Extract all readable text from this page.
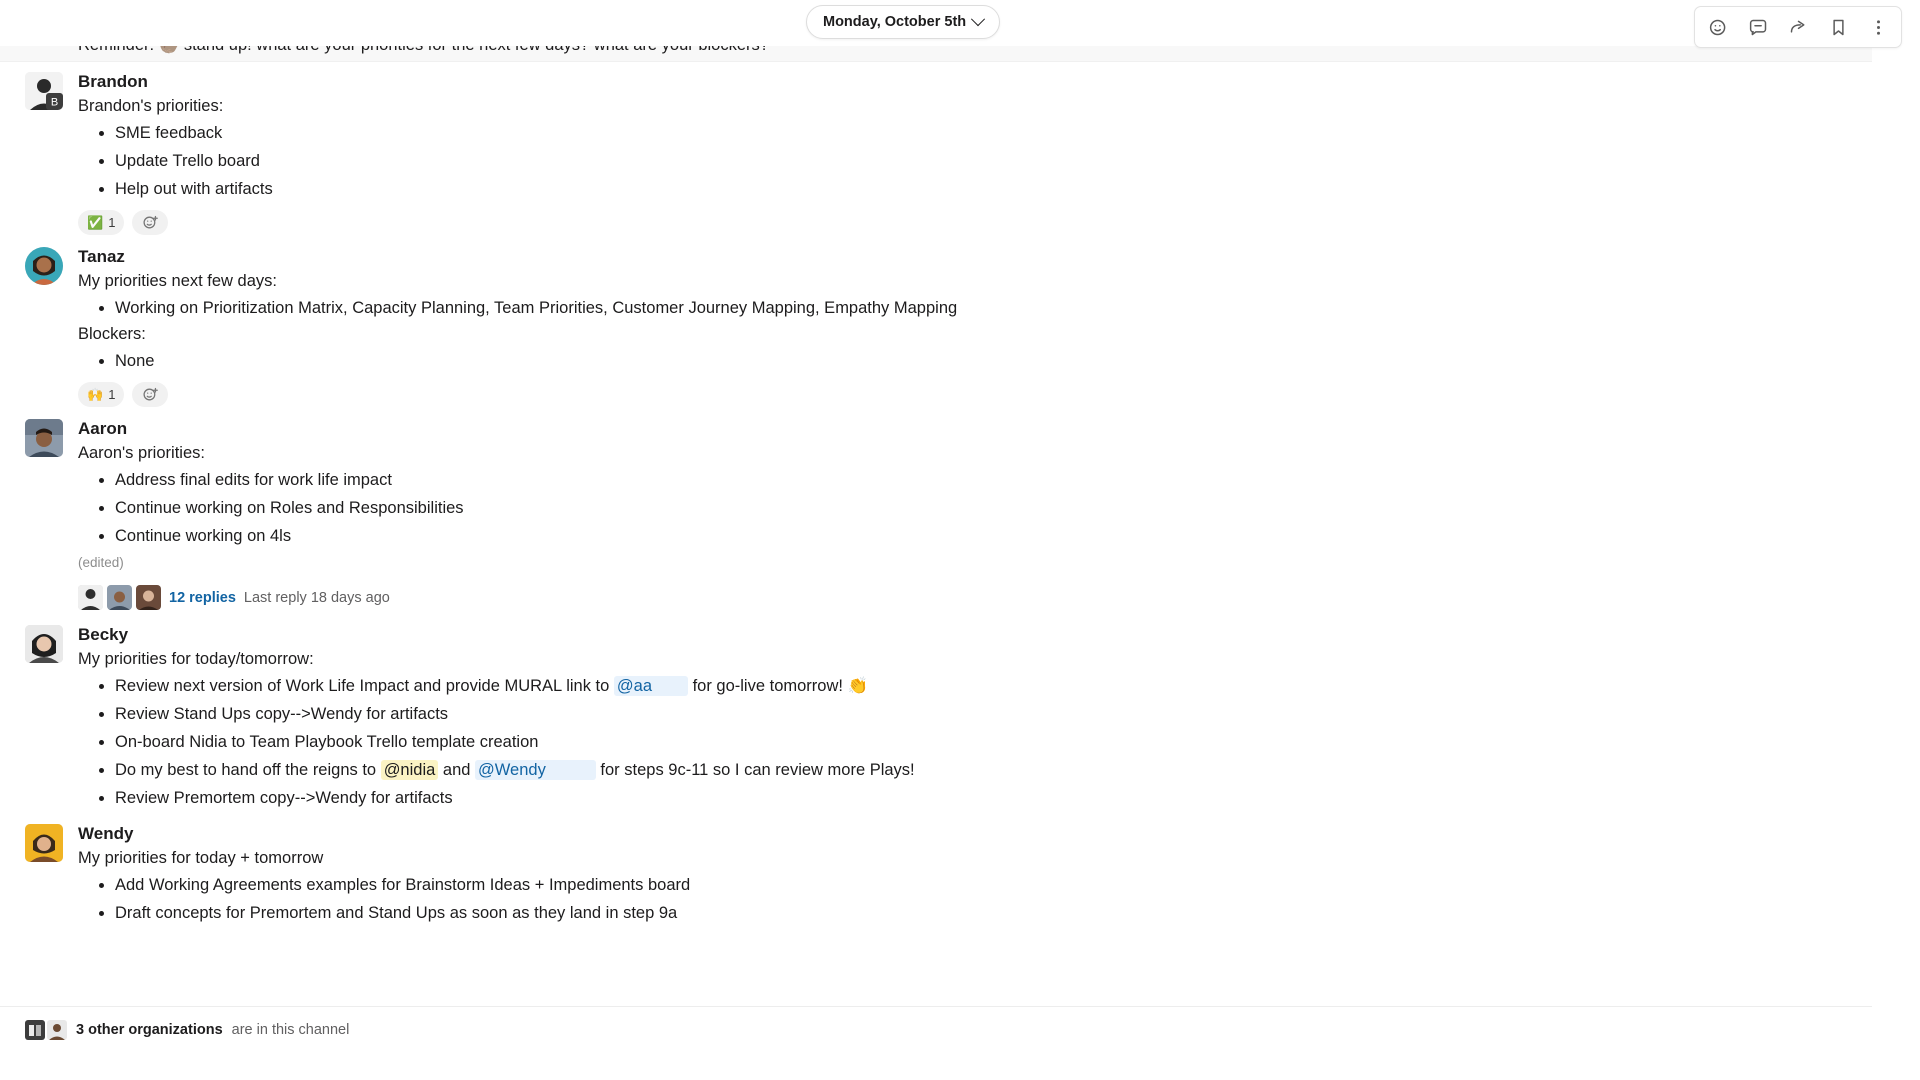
Monday, October 5th
B
Brandon
Brandon's priorities:
SME feedback
Update Trello board
Help out with artifacts
✅ 1
Tanaz
My priorities next few days:
Working on Prioritization Matrix, Capacity Planning, Team Priorities, Customer Journey Mapping, Empathy Mapping
Blockers:
None
🙌 1
Aaron
Aaron's priorities:
Address final edits for work life impact
Continue working on Roles and Responsibilities
Continue working on 4ls
(edited)
12 replies Last reply 18 days ago
Becky
My priorities for today/tomorrow:
Review next version of Work Life Impact and provide MURAL link to @aa for go-live tomorrow! 👏
Review Stand Ups copy-->Wendy for artifacts
On-board Nidia to Team Playbook Trello template creation
Do my best to hand off the reigns to @nidia and @Wendy	for steps 9c-11 so I can review more Plays!
Review Premortem copy-->Wendy for artifacts
Wendy
My priorities for today + tomorrow
Add Working Agreements examples for Brainstorm Ideas + Impediments board
Draft concepts for Premortem and Stand Ups as soon as they land in step 9a
3 other organizations are in this channel
